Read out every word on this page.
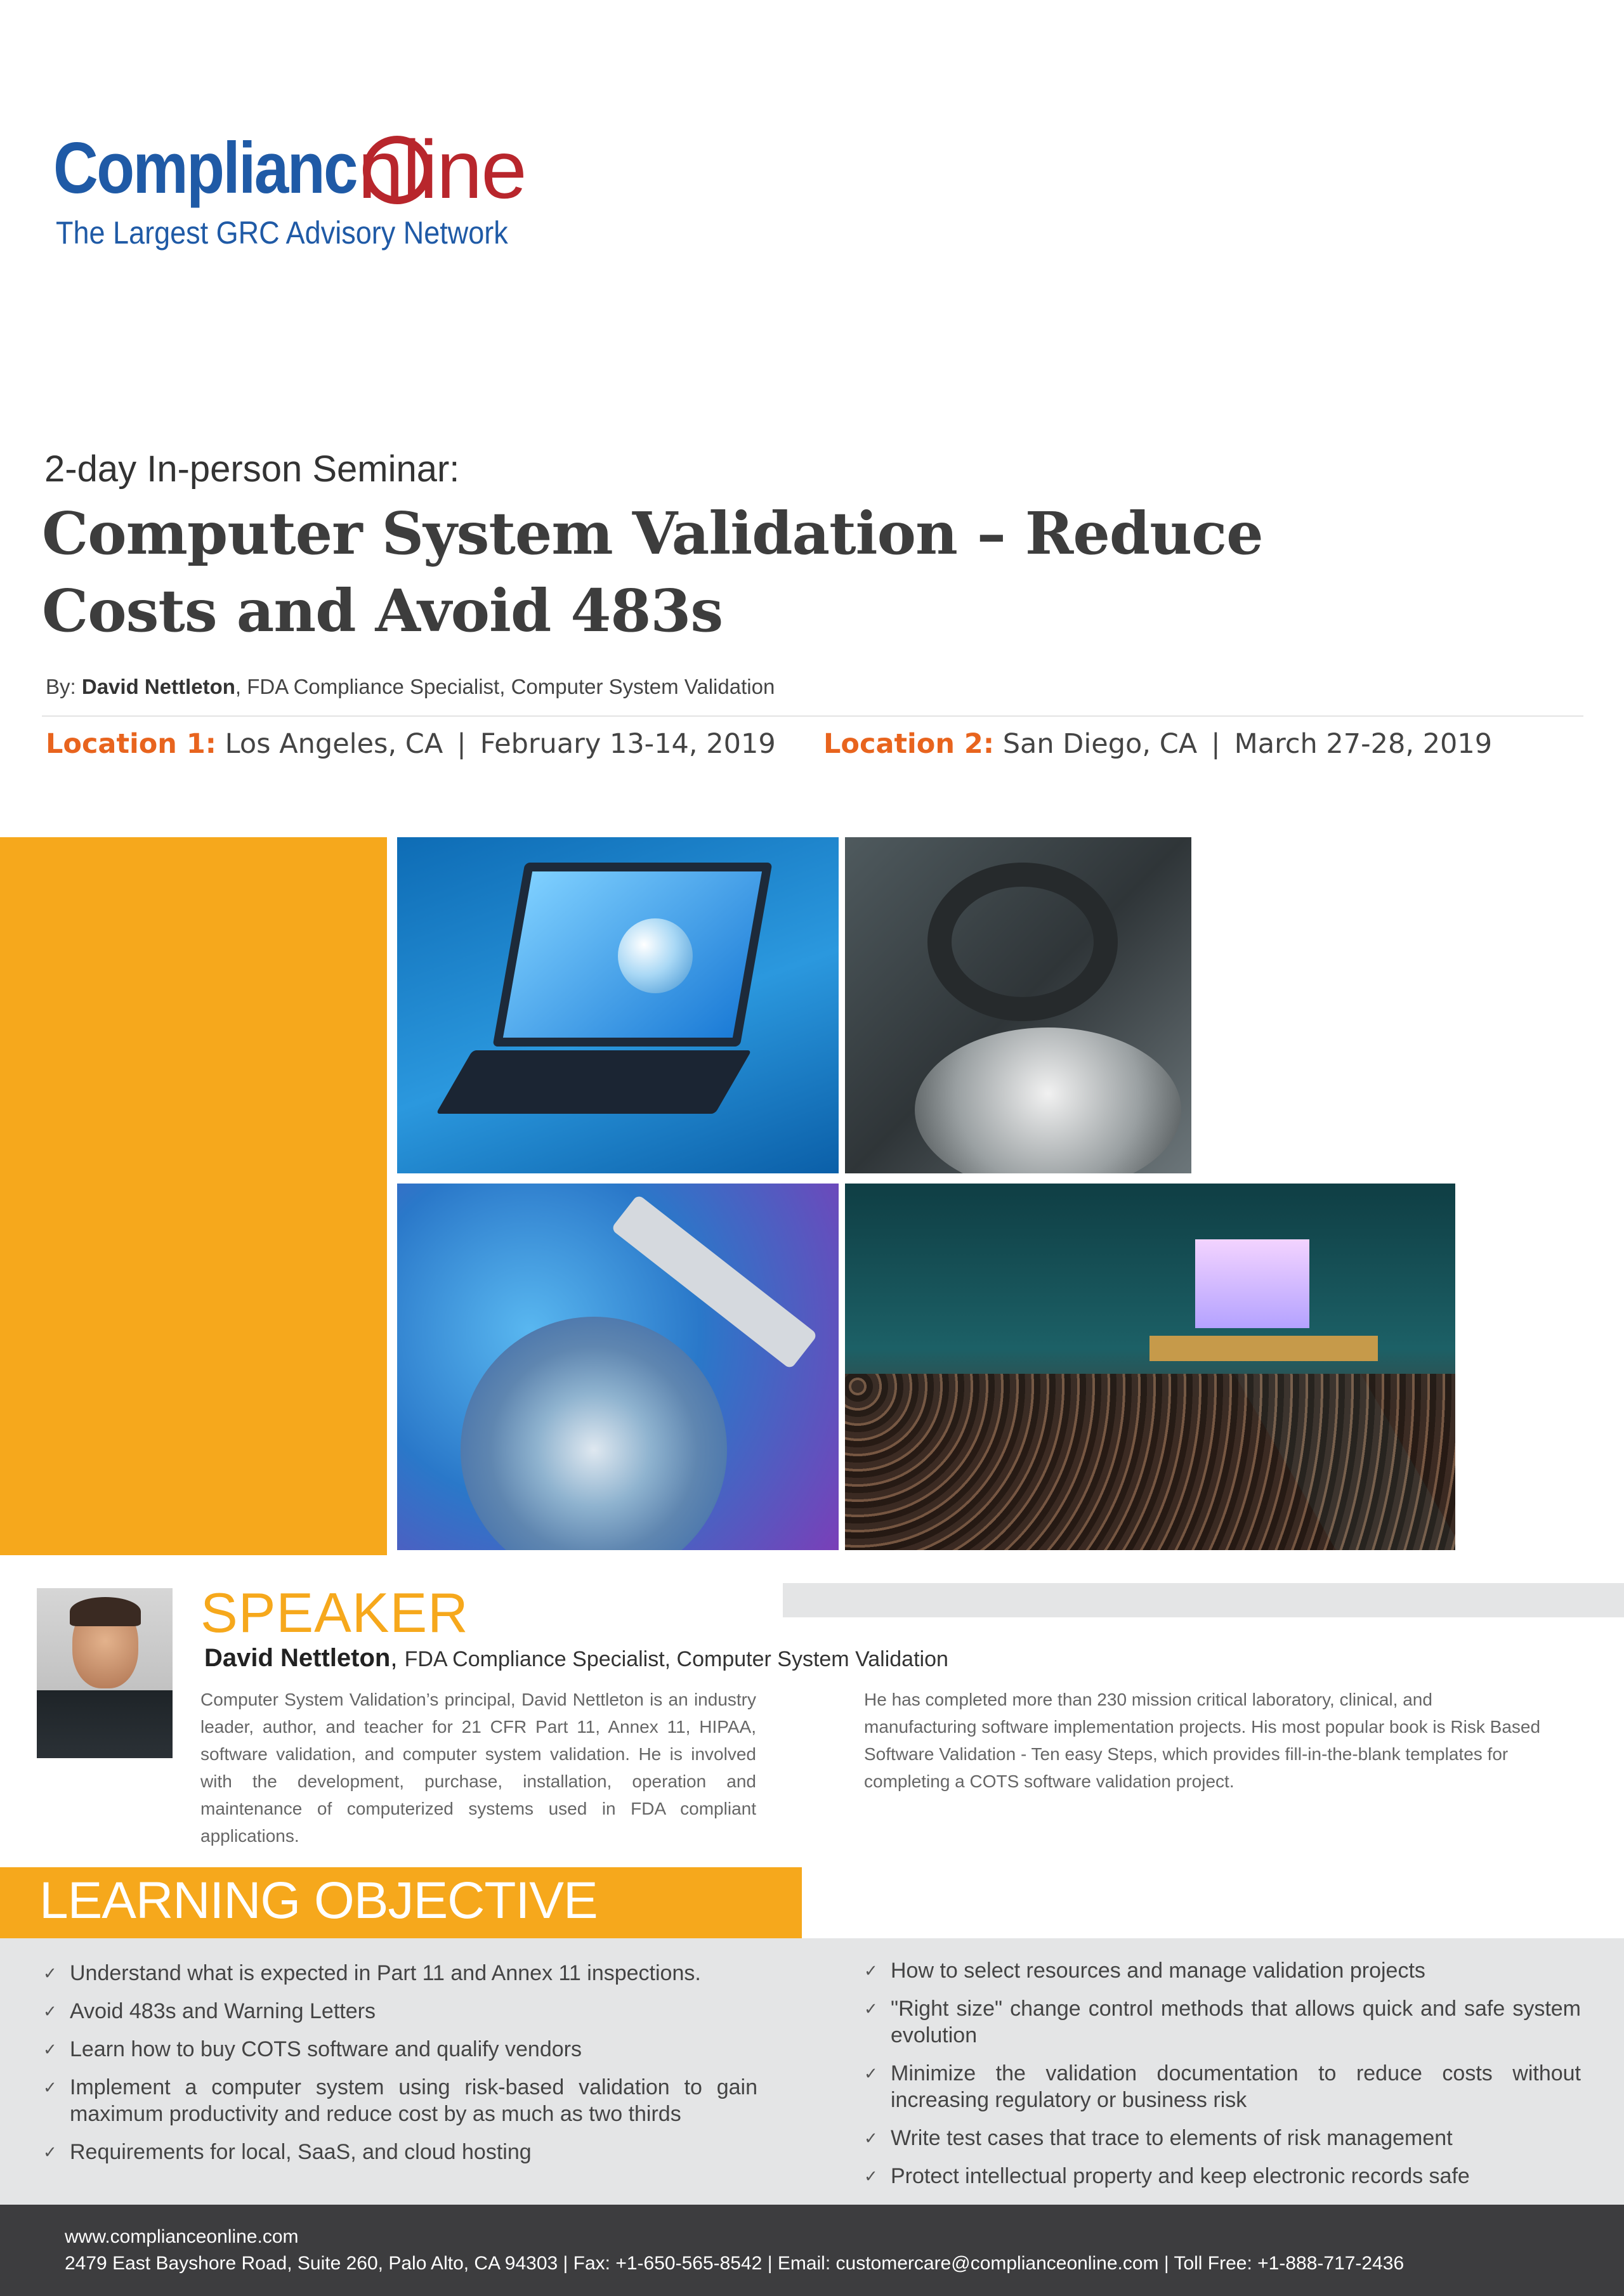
Complianc nline
The Largest GRC Advisory Network
2-day In-person Seminar:
Computer System Validation – Reduce Costs and Avoid 483s
By: David Nettleton, FDA Compliance Specialist, Computer System Validation
Location 1: Los Angeles, CA | February 13-14, 2019 Location 2: San Diego, CA | March 27-28, 2019
SPEAKER
David Nettleton, FDA Compliance Specialist, Computer System Validation

Computer System Validation’s principal, David Nettleton is an industry leader, author, and teacher for 21 CFR Part 11, Annex 11, HIPAA, software validation, and computer system validation. He is involved with the development, purchase, installation, operation and maintenance of computerized systems used in FDA compliant applications.

He has completed more than 230 mission critical laboratory, clinical, and manufacturing software implementation projects. His most popular book is Risk Based Software Validation - Ten easy Steps, which provides fill-in-the-blank templates for completing a COTS software validation project.

LEARNING OBJECTIVE
✓ Understand what is expected in Part 11 and Annex 11 inspections.
✓ Avoid 483s and Warning Letters
✓ Learn how to buy COTS software and qualify vendors
✓ Implement a computer system using risk-based validation to gain maximum productivity and reduce cost by as much as two thirds
✓ Requirements for local, SaaS, and cloud hosting
✓ How to select resources and manage validation projects
✓ "Right size" change control methods that allows quick and safe system evolution
✓ Minimize the validation documentation to reduce costs without increasing regulatory or business risk
✓ Write test cases that trace to elements of risk management
✓ Protect intellectual property and keep electronic records safe
www.complianceonline.com
2479 East Bayshore Road, Suite 260, Palo Alto, CA 94303 | Fax: +1-650-565-8542 | Email: customercare@complianceonline.com | Toll Free: +1-888-717-2436
